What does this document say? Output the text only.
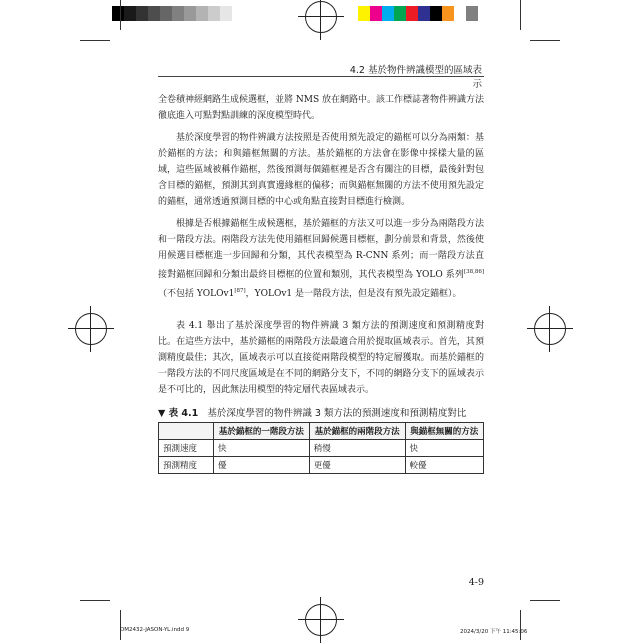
4.2 基於物件辨識模型的區域表示
全卷積神經網路生成候選框，並將 NMS 放在網路中。該工作標誌著物件辨識方法徹底進入可點對點訓練的深度模型時代。
基於深度學習的物件辨識方法按照是否使用預先設定的錨框可以分為兩類：基於錨框的方法；和與錨框無關的方法。基於錨框的方法會在影像中採樣大量的區域，這些區域被稱作錨框，然後預測每個錨框裡是否含有關注的目標，最後針對包含目標的錨框，預測其到真實邊緣框的偏移；而與錨框無關的方法不使用預先設定的錨框，通常透過預測目標的中心或角點直接對目標進行檢測。
根據是否根據錨框生成候選框，基於錨框的方法又可以進一步分為兩階段方法和一階段方法。兩階段方法先使用錨框回歸候選目標框，劃分前景和背景，然後使用候選目標框進一步回歸和分類，其代表模型為 R-CNN 系列；而一階段方法直接對錨框回歸和分類出最終目標框的位置和類別，其代表模型為 YOLO 系列[38,86]（不包括 YOLOv1[87]，YOLOv1 是一階段方法，但是沒有預先設定錨框）。
表 4.1 舉出了基於深度學習的物件辨識 3 類方法的預測速度和預測精度對比。在這些方法中，基於錨框的兩階段方法最適合用於提取區域表示。首先，其預測精度最佳；其次，區域表示可以直接從兩階段模型的特定層獲取。而基於錨框的一階段方法的不同尺度區域是在不同的網路分支下，不同的網路分支下的區域表示是不可比的，因此無法用模型的特定層代表區域表示。
▼ 表 4.1 基於深度學習的物件辨識 3 類方法的預測速度和預測精度對比
	基於錨框的一階段方法	基於錨框的兩階段方法	與錨框無關的方法
預測速度	快	稍慢	快
預測精度	優	更優	較優
4-9
DM2432-JASON-YL.indd 9	2024/3/20 下午 11:45:06
